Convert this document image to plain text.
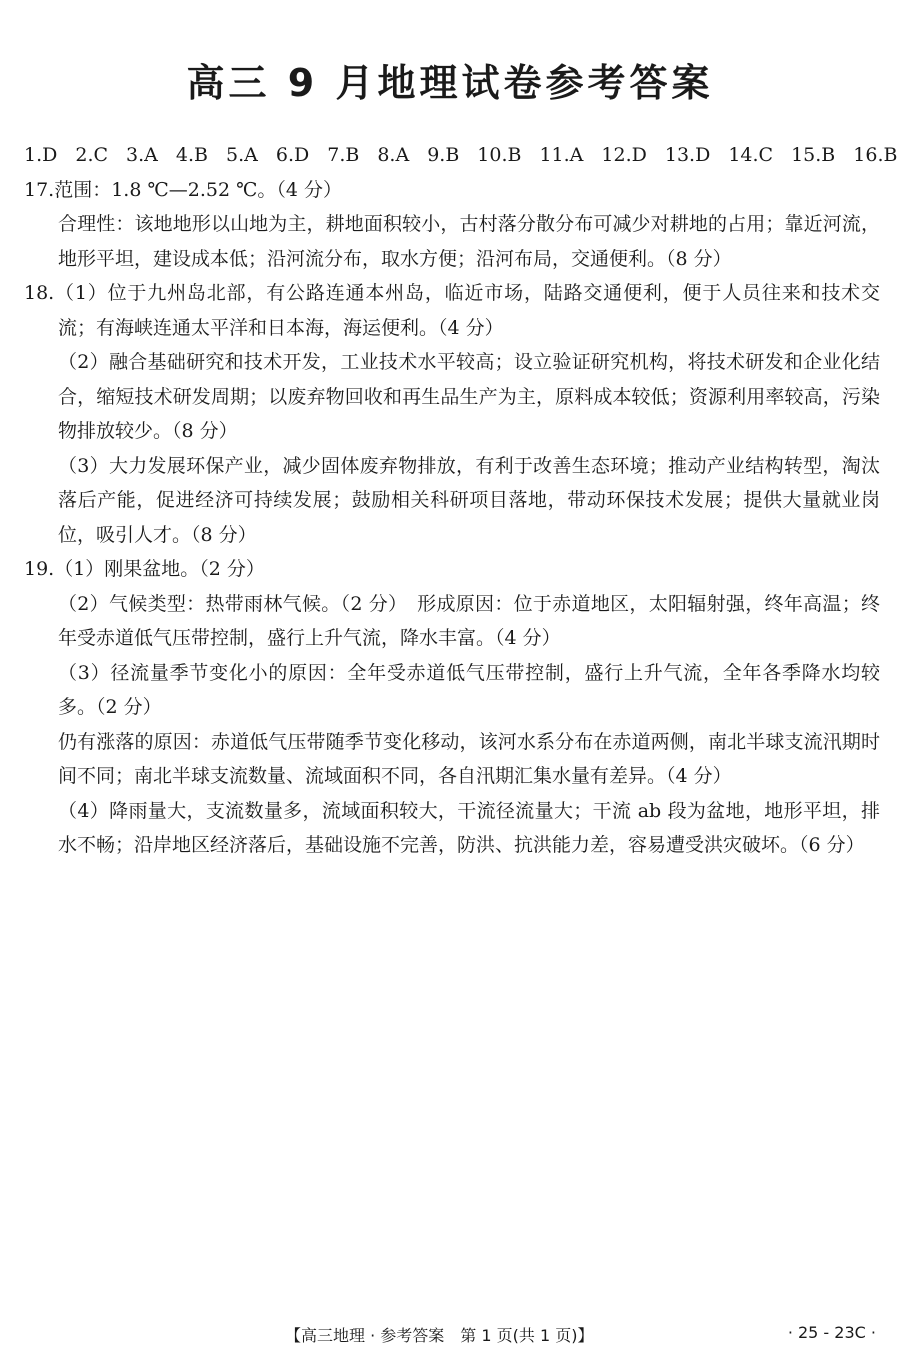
高三 9 月地理试卷参考答案

1.D 2.C 3.A 4.B 5.A 6.D 7.B 8.A 9.B 10.B 11.A 12.D 13.D 14.C 15.B 16.B

17.范围：1.8 ℃—2.52 ℃。（4 分）

合理性：该地地形以山地为主，耕地面积较小，古村落分散分布可减少对耕地的占用；靠近河流，地形平坦，建设成本低；沿河流分布，取水方便；沿河布局，交通便利。（8 分）

18.（1）位于九州岛北部，有公路连通本州岛，临近市场，陆路交通便利，便于人员往来和技术交流；有海峡连通太平洋和日本海，海运便利。（4 分）

（2）融合基础研究和技术开发，工业技术水平较高；设立验证研究机构，将技术研发和企业化结合，缩短技术研发周期；以废弃物回收和再生品生产为主，原料成本较低；资源利用率较高，污染物排放较少。（8 分）

（3）大力发展环保产业，减少固体废弃物排放，有利于改善生态环境；推动产业结构转型，淘汰落后产能，促进经济可持续发展；鼓励相关科研项目落地，带动环保技术发展；提供大量就业岗位，吸引人才。（8 分）

19.（1）刚果盆地。（2 分）

（2）气候类型：热带雨林气候。（2 分）　形成原因：位于赤道地区，太阳辐射强，终年高温；终年受赤道低气压带控制，盛行上升气流，降水丰富。（4 分）

（3）径流量季节变化小的原因：全年受赤道低气压带控制，盛行上升气流，全年各季降水均较多。（2 分）

仍有涨落的原因：赤道低气压带随季节变化移动，该河水系分布在赤道两侧，南北半球支流汛期时间不同；南北半球支流数量、流域面积不同，各自汛期汇集水量有差异。（4 分）

（4）降雨量大，支流数量多，流域面积较大，干流径流量大；干流 ab 段为盆地，地形平坦，排水不畅；沿岸地区经济落后，基础设施不完善，防洪、抗洪能力差，容易遭受洪灾破坏。（6 分）

【高三地理 · 参考答案　第 1 页(共 1 页)】	· 25 - 23C ·
